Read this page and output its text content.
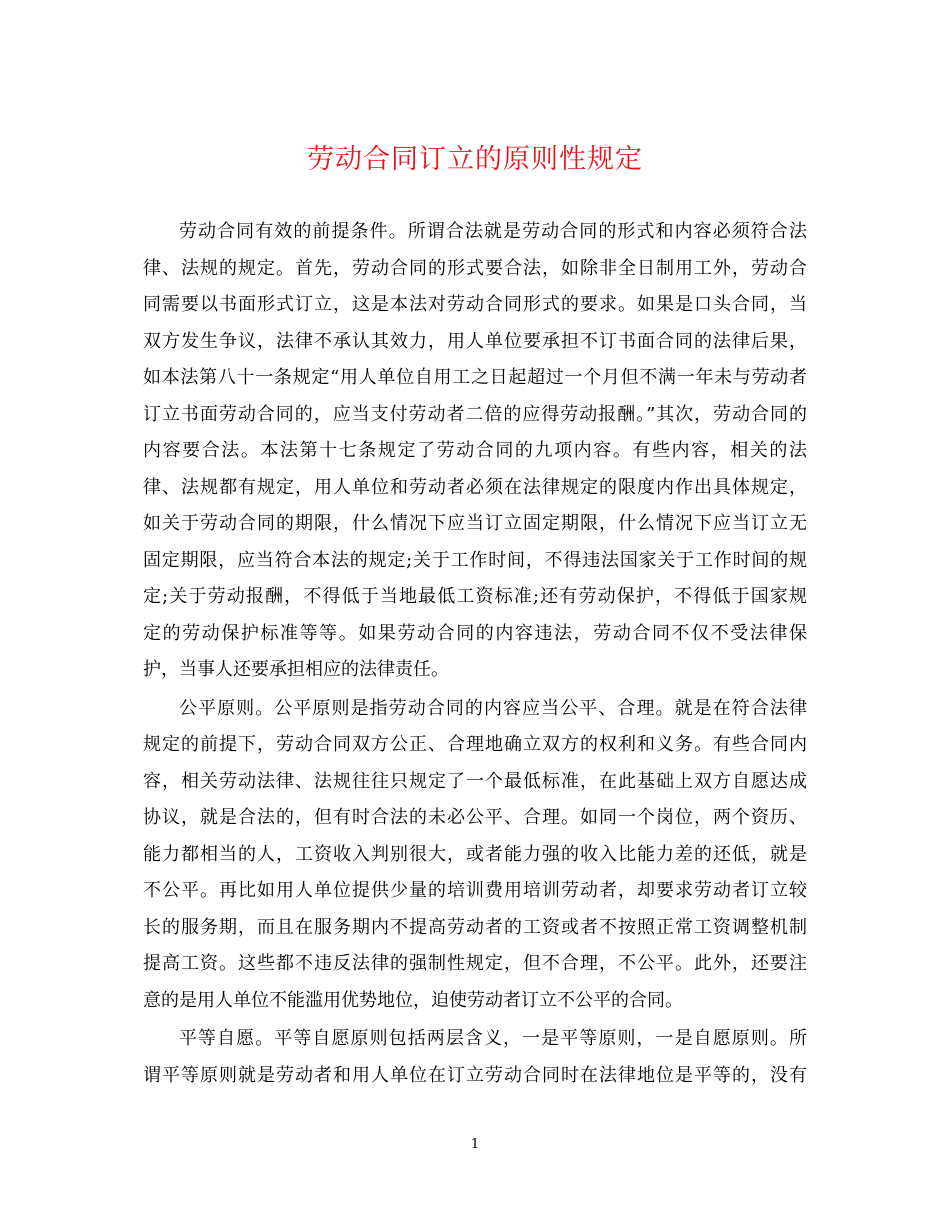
劳动合同订立的原则性规定
劳动合同有效的前提条件。所谓合法就是劳动合同的形式和内容必须符合法
律、法规的规定。首先，劳动合同的形式要合法，如除非全日制用工外，劳动合
同需要以书面形式订立，这是本法对劳动合同形式的要求。如果是口头合同，当
双方发生争议，法律不承认其效力，用人单位要承担不订书面合同的法律后果，
如本法第八十一条规定“用人单位自用工之日起超过一个月但不满一年未与劳动者
订立书面劳动合同的，应当支付劳动者二倍的应得劳动报酬。”其次，劳动合同的
内容要合法。本法第十七条规定了劳动合同的九项内容。有些内容，相关的法
律、法规都有规定，用人单位和劳动者必须在法律规定的限度内作出具体规定，
如关于劳动合同的期限，什么情况下应当订立固定期限，什么情况下应当订立无
固定期限，应当符合本法的规定;关于工作时间，不得违法国家关于工作时间的规
定;关于劳动报酬，不得低于当地最低工资标准;还有劳动保护，不得低于国家规
定的劳动保护标准等等。如果劳动合同的内容违法，劳动合同不仅不受法律保
护，当事人还要承担相应的法律责任。
公平原则。公平原则是指劳动合同的内容应当公平、合理。就是在符合法律
规定的前提下，劳动合同双方公正、合理地确立双方的权利和义务。有些合同内
容，相关劳动法律、法规往往只规定了一个最低标准，在此基础上双方自愿达成
协议，就是合法的，但有时合法的未必公平、合理。如同一个岗位，两个资历、
能力都相当的人，工资收入判别很大，或者能力强的收入比能力差的还低，就是
不公平。再比如用人单位提供少量的培训费用培训劳动者，却要求劳动者订立较
长的服务期，而且在服务期内不提高劳动者的工资或者不按照正常工资调整机制
提高工资。这些都不违反法律的强制性规定，但不合理，不公平。此外，还要注
意的是用人单位不能滥用优势地位，迫使劳动者订立不公平的合同。
平等自愿。平等自愿原则包括两层含义，一是平等原则，一是自愿原则。所
谓平等原则就是劳动者和用人单位在订立劳动合同时在法律地位是平等的，没有
1
